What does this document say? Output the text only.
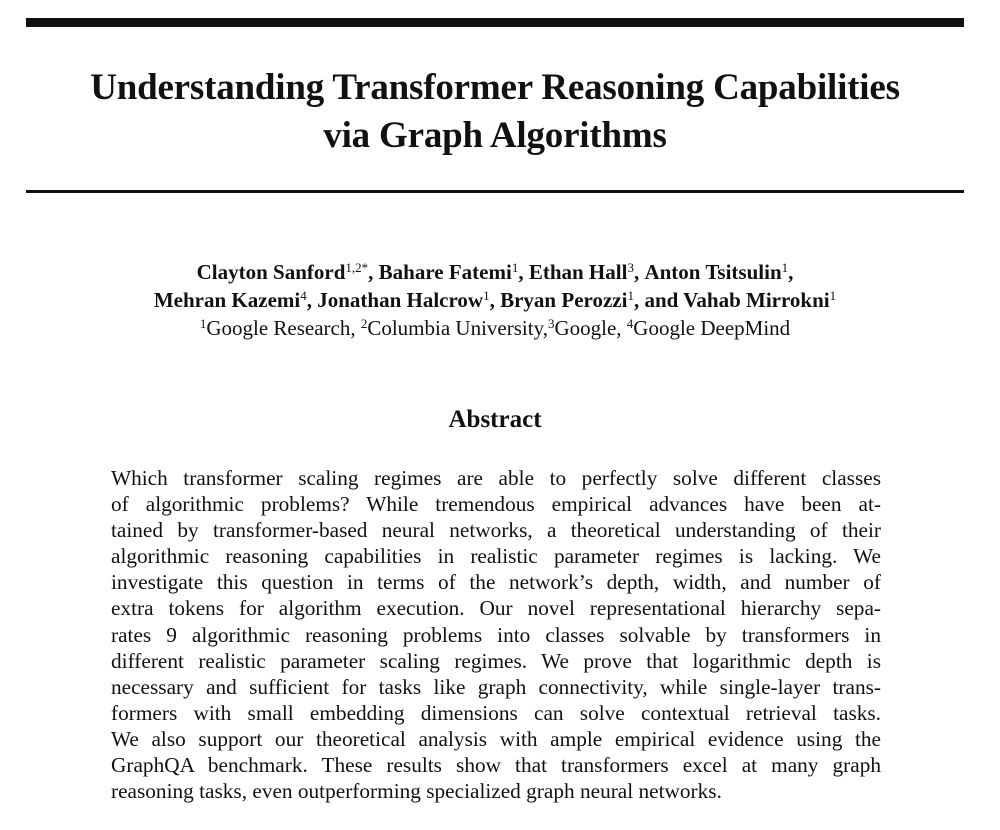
Understanding Transformer Reasoning Capabilities
via Graph Algorithms
Clayton Sanford$^{1,2*}$, Bahare Fatemi$^1$, Ethan Hall$^3$, Anton Tsitsulin$^1$,
Mehran Kazemi$^4$, Jonathan Halcrow$^1$, Bryan Perozzi$^1$, and Vahab Mirrokni$^1$
$^1$Google Research, $^2$Columbia University,$^3$Google, $^4$Google DeepMind
Abstract
Which transformer scaling regimes are able to perfectly solve different classes
of algorithmic problems? While tremendous empirical advances have been at-
tained by transformer-based neural networks, a theoretical understanding of their
algorithmic reasoning capabilities in realistic parameter regimes is lacking. We
investigate this question in terms of the network’s depth, width, and number of
extra tokens for algorithm execution. Our novel representational hierarchy sepa-
rates 9 algorithmic reasoning problems into classes solvable by transformers in
different realistic parameter scaling regimes. We prove that logarithmic depth is
necessary and sufficient for tasks like graph connectivity, while single-layer trans-
formers with small embedding dimensions can solve contextual retrieval tasks.
We also support our theoretical analysis with ample empirical evidence using the
GraphQA benchmark. These results show that transformers excel at many graph
reasoning tasks, even outperforming specialized graph neural networks.
